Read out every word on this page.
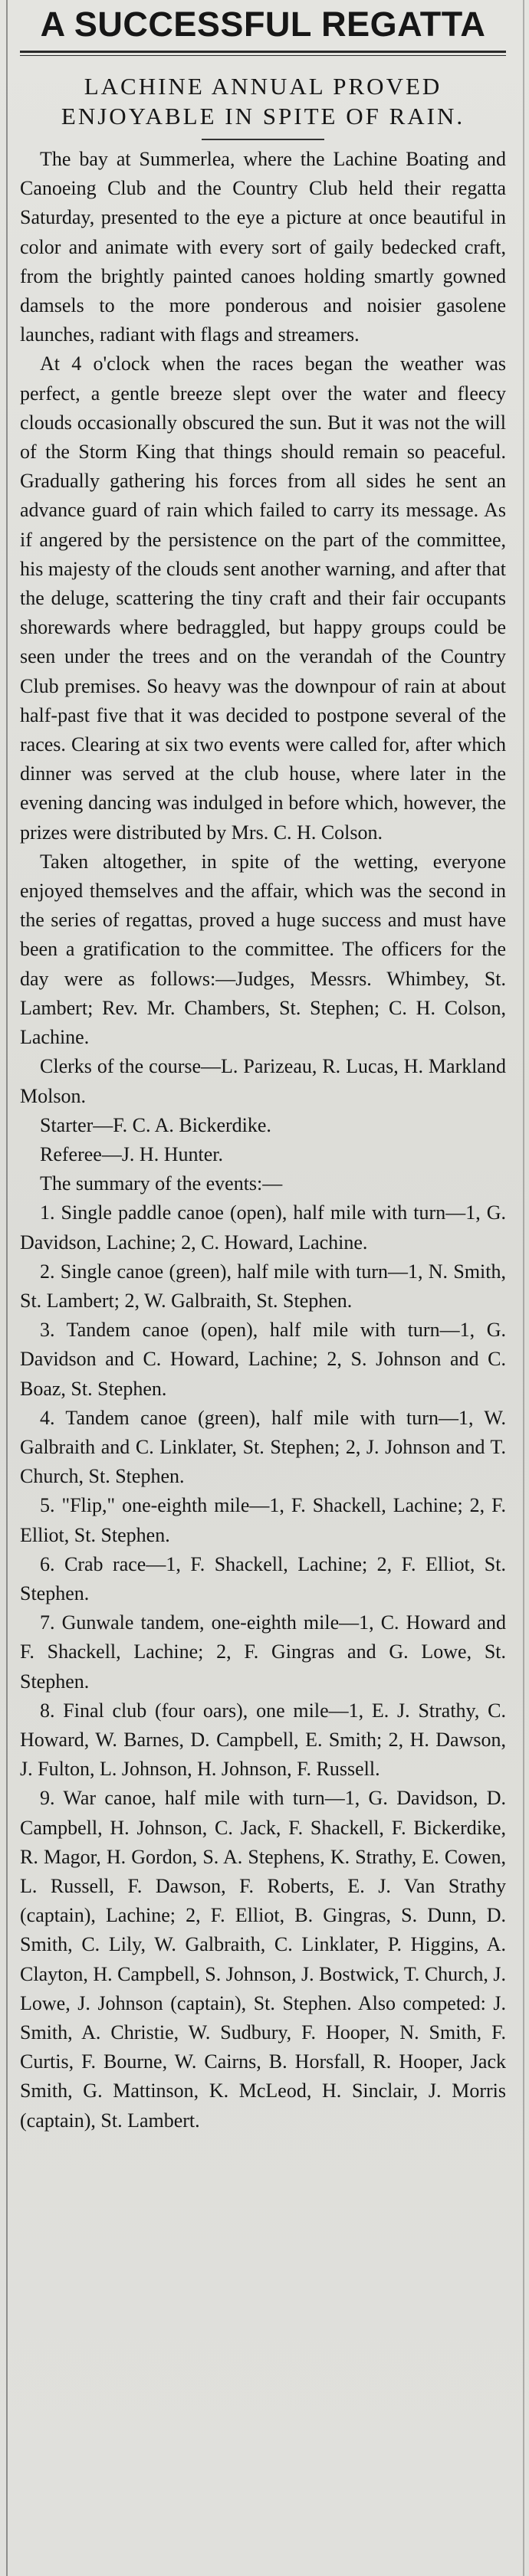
A SUCCESSFUL REGATTA
LACHINE ANNUAL PROVED ENJOYABLE IN SPITE OF RAIN.

The bay at Summerlea, where the Lachine Boating and Canoeing Club and the Country Club held their regatta Saturday, presented to the eye a picture at once beautiful in color and animate with every sort of gaily bedecked craft, from the brightly painted canoes holding smartly gowned damsels to the more ponderous and noisier gasolene launches, radiant with flags and streamers.

At 4 o'clock when the races began the weather was perfect, a gentle breeze slept over the water and fleecy clouds occasionally obscured the sun. But it was not the will of the Storm King that things should remain so peaceful. Gradually gathering his forces from all sides he sent an advance guard of rain which failed to carry its message. As if angered by the persistence on the part of the committee, his majesty of the clouds sent another warning, and after that the deluge, scattering the tiny craft and their fair occupants shorewards where bedraggled, but happy groups could be seen under the trees and on the verandah of the Country Club premises. So heavy was the downpour of rain at about half-past five that it was decided to postpone several of the races. Clearing at six two events were called for, after which dinner was served at the club house, where later in the evening dancing was indulged in before which, however, the prizes were distributed by Mrs. C. H. Colson.

Taken altogether, in spite of the wetting, everyone enjoyed themselves and the affair, which was the second in the series of regattas, proved a huge success and must have been a gratification to the committee. The officers for the day were as follows:—Judges, Messrs. Whimbey, St. Lambert; Rev. Mr. Chambers, St. Stephen; C. H. Colson, Lachine.

Clerks of the course—L. Parizeau, R. Lucas, H. Markland Molson.

Starter—F. C. A. Bickerdike.

Referee—J. H. Hunter.

The summary of the events:—

1. Single paddle canoe (open), half mile with turn—1, G. Davidson, Lachine; 2, C. Howard, Lachine.

2. Single canoe (green), half mile with turn—1, N. Smith, St. Lambert; 2, W. Galbraith, St. Stephen.

3. Tandem canoe (open), half mile with turn—1, G. Davidson and C. Howard, Lachine; 2, S. Johnson and C. Boaz, St. Stephen.

4. Tandem canoe (green), half mile with turn—1, W. Galbraith and C. Linklater, St. Stephen; 2, J. Johnson and T. Church, St. Stephen.

5. "Flip," one-eighth mile—1, F. Shackell, Lachine; 2, F. Elliot, St. Stephen.

6. Crab race—1, F. Shackell, Lachine; 2, F. Elliot, St. Stephen.

7. Gunwale tandem, one-eighth mile—1, C. Howard and F. Shackell, Lachine; 2, F. Gingras and G. Lowe, St. Stephen.

8. Final club (four oars), one mile—1, E. J. Strathy, C. Howard, W. Barnes, D. Campbell, E. Smith; 2, H. Dawson, J. Fulton, L. Johnson, H. Johnson, F. Russell.

9. War canoe, half mile with turn—1, G. Davidson, D. Campbell, H. Johnson, C. Jack, F. Shackell, F. Bickerdike, R. Magor, H. Gordon, S. A. Stephens, K. Strathy, E. Cowen, L. Russell, F. Dawson, F. Roberts, E. J. Van Strathy (captain), Lachine; 2, F. Elliot, B. Gingras, S. Dunn, D. Smith, C. Lily, W. Galbraith, C. Linklater, P. Higgins, A. Clayton, H. Campbell, S. Johnson, J. Bostwick, T. Church, J. Lowe, J. Johnson (captain), St. Stephen. Also competed: J. Smith, A. Christie, W. Sudbury, F. Hooper, N. Smith, F. Curtis, F. Bourne, W. Cairns, B. Horsfall, R. Hooper, Jack Smith, G. Mattinson, K. McLeod, H. Sinclair, J. Morris (captain), St. Lambert.
